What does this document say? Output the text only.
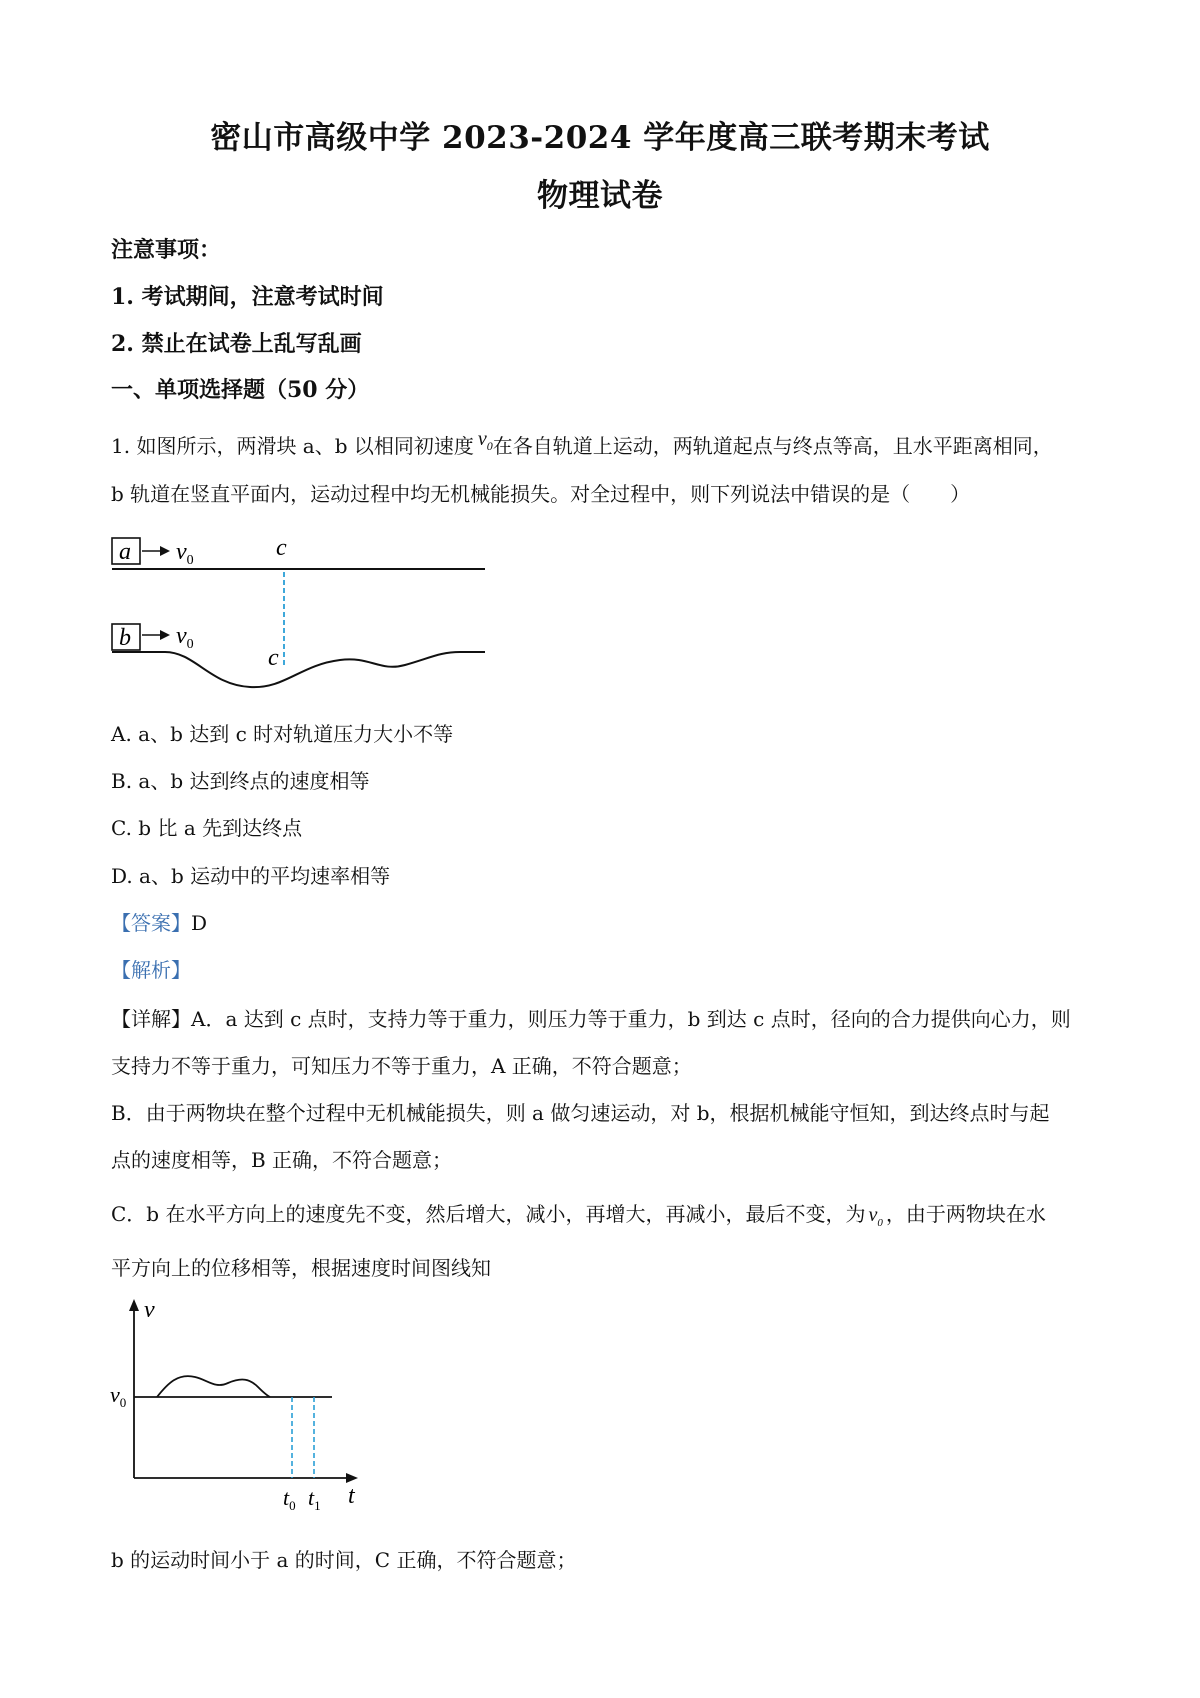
密山市高级中学 2023-2024 学年度高三联考期末考试
物理试卷
注意事项：
1. 考试期间，注意考试时间
2. 禁止在试卷上乱写乱画
一、单项选择题（50 分）
1. 如图所示，两滑块 a、b 以相同初速度 $v_0$在各自轨道上运动，两轨道起点与终点等高，且水平距离相同，
b 轨道在竖直平面内，运动过程中均无机械能损失。对全过程中，则下列说法中错误的是（　　）
a $v_0$	c
b $v_0$
c
A. a、b 达到 c 时对轨道压力大小不等
B. a、b 达到终点的速度相等
C. b 比 a 先到达终点
D. a、b 运动中的平均速率相等
【答案】D
【解析】
【详解】A．a 达到 c 点时，支持力等于重力，则压力等于重力，b 到达 c 点时，径向的合力提供向心力，则
支持力不等于重力，可知压力不等于重力，A 正确，不符合题意；
B．由于两物块在整个过程中无机械能损失，则 a 做匀速运动，对 b，根据机械能守恒知，到达终点时与起
点的速度相等，B 正确，不符合题意；
C．b 在水平方向上的速度先不变，然后增大，减小，再增大，再减小，最后不变，为 $v_0$ ，由于两物块在水
平方向上的位移相等，根据速度时间图线知
v
t
$v_0$
$t_0$ $t_1$
b 的运动时间小于 a 的时间，C 正确，不符合题意；
